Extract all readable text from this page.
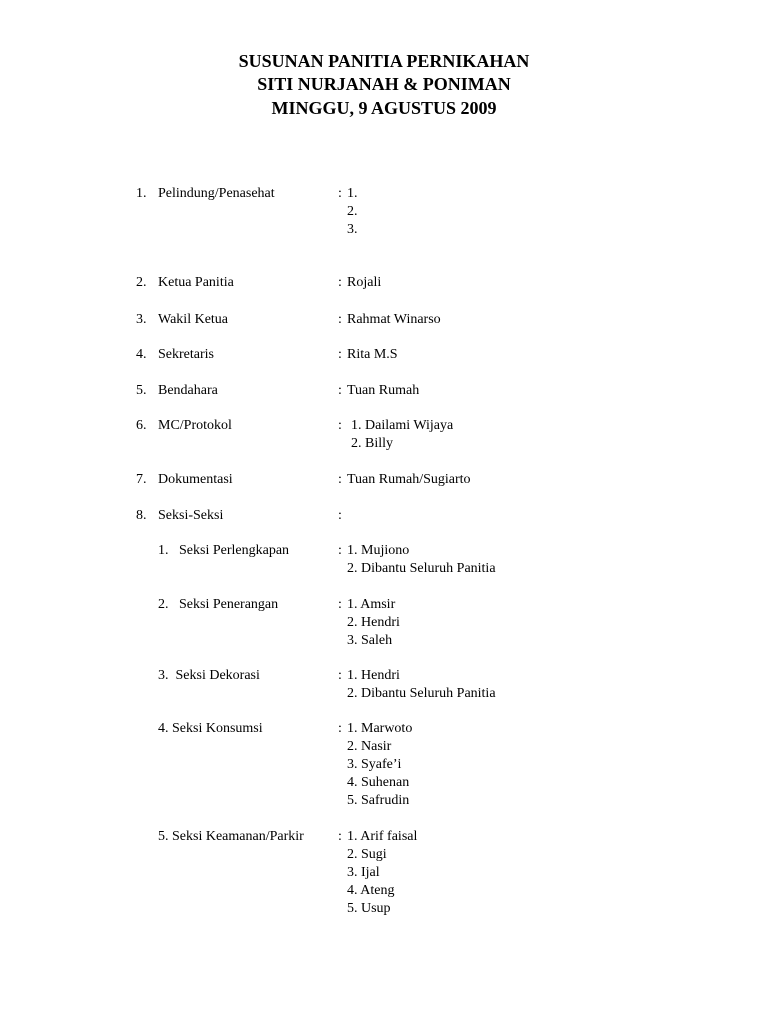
SUSUNAN PANITIA PERNIKAHAN
SITI NURJANAH & PONIMAN
MINGGU, 9 AGUSTUS 2009
1. Pelindung/Penasehat	: 1.
2.
3.
2. Ketua Panitia	: Rojali
3. Wakil Ketua	: Rahmat Winarso
4. Sekretaris	: Rita M.S
5. Bendahara	: Tuan Rumah
6. MC/Protokol	: 1. Dailami Wijaya
2. Billy
7. Dokumentasi	: Tuan Rumah/Sugiarto
8. Seksi-Seksi	:
1.   Seksi Perlengkapan	: 1. Mujiono
2. Dibantu Seluruh Panitia
2.   Seksi Penerangan	: 1. Amsir
2. Hendri
3. Saleh
3.  Seksi Dekorasi	: 1. Hendri
2. Dibantu Seluruh Panitia
4. Seksi Konsumsi	: 1. Marwoto
2. Nasir
3. Syafe’i
4. Suhenan
5. Safrudin
5. Seksi Keamanan/Parkir : 1. Arif faisal
2. Sugi
3. Ijal
4. Ateng
5. Usup
